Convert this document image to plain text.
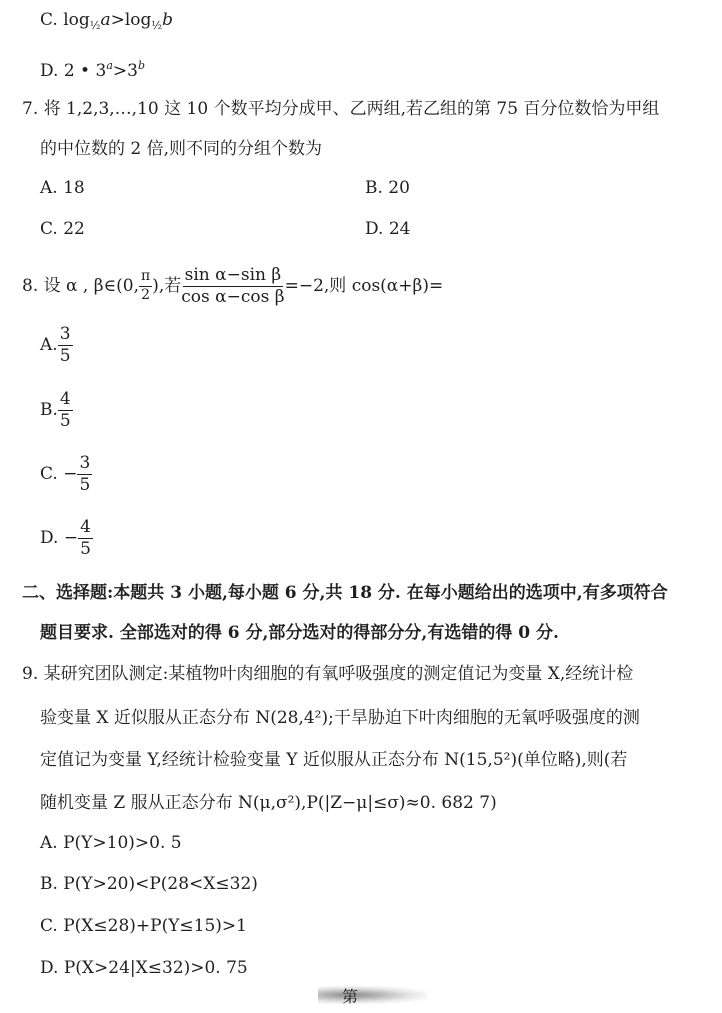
C. $\log_{\frac{1}{2}}a>\log_{\frac{1}{2}}b$
D. 2 • $3^a>3^b$
7. 将 1,2,3,…,10 这 10 个数平均分成甲、乙两组,若乙组的第 75 百分位数恰为甲组
的中位数的 2 倍,则不同的分组个数为
A. 18	B. 20
C. 22	D. 24
8. 设 α , β∈ (0, $\frac{\pi}{2}$ ),若 $\frac{\text{sin α−sin β}}{\text{cos α−cos β}} =-2$,则 cos(α+β)=
A. $\frac{3}{5}$
B. $\frac{4}{5}$
C. − $\frac{3}{5}$
D. − $\frac{4}{5}$
二、选择题:本题共 3 小题,每小题 6 分,共 18 分. 在每小题给出的选项中,有多项符合
题目要求. 全部选对的得 6 分,部分选对的得部分分,有选错的得 0 分.
9. 某研究团队测定:某植物叶肉细胞的有氧呼吸强度的测定值记为变量 X,经统计检
验变量 X 近似服从正态分布 N(28,4²);干旱胁迫下叶肉细胞的无氧呼吸强度的测
定值记为变量 Y,经统计检验变量 Y 近似服从正态分布 N(15,5²)(单位略),则(若
随机变量 Z 服从正态分布 N(μ,σ²),P(|Z−μ|≤σ)≈0. 682 7)
A. P(Y>10)>0. 5
B. P(Y>20)<P(28<X≤32)
C. P(X≤28)+P(Y≤15)>1
D. P(X>24|X≤32)>0. 75
第
